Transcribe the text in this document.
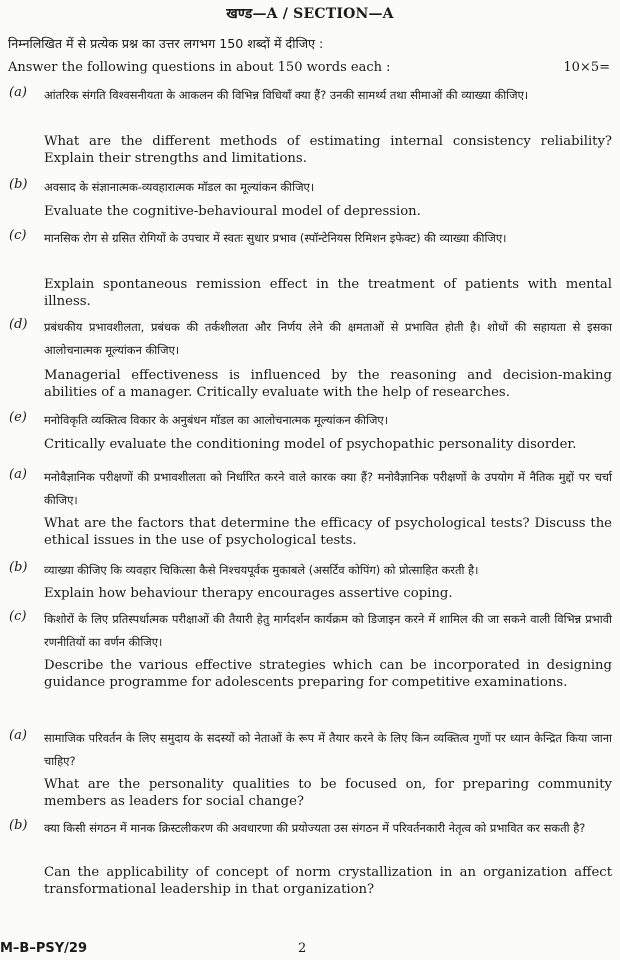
खण्ड—A / SECTION—A
निम्नलिखित में से प्रत्येक प्रश्न का उत्तर लगभग 150 शब्दों में दीजिए :
Answer the following questions in about 150 words each :	10×5=
(a) आंतरिक संगति विश्वसनीयता के आकलन की विभिन्न विधियाँ क्या हैं? उनकी सामर्थ्य तथा सीमाओं की व्याख्या कीजिए।
What are the different methods of estimating internal consistency reliability? Explain their strengths and limitations.
(b) अवसाद के संज्ञानात्मक-व्यवहारात्मक मॉडल का मूल्यांकन कीजिए।
Evaluate the cognitive-behavioural model of depression.
(c) मानसिक रोग से ग्रसित रोगियों के उपचार में स्वतः सुधार प्रभाव (स्पॉन्टेनियस रिमिशन इफेक्ट) की व्याख्या कीजिए।
Explain spontaneous remission effect in the treatment of patients with mental illness.
(d) प्रबंधकीय प्रभावशीलता, प्रबंधक की तर्कशीलता और निर्णय लेने की क्षमताओं से प्रभावित होती है। शोधों की सहायता से इसका आलोचनात्मक मूल्यांकन कीजिए।
Managerial effectiveness is influenced by the reasoning and decision-making abilities of a manager. Critically evaluate with the help of researches.
(e) मनोविकृति व्यक्तित्व विकार के अनुबंधन मॉडल का आलोचनात्मक मूल्यांकन कीजिए।
Critically evaluate the conditioning model of psychopathic personality disorder.
(a) मनोवैज्ञानिक परीक्षणों की प्रभावशीलता को निर्धारित करने वाले कारक क्या हैं? मनोवैज्ञानिक परीक्षणों के उपयोग में नैतिक मुद्दों पर चर्चा कीजिए।
What are the factors that determine the efficacy of psychological tests? Discuss the ethical issues in the use of psychological tests.
(b) व्याख्या कीजिए कि व्यवहार चिकित्सा कैसे निश्चयपूर्वक मुकाबले (असर्टिव कोपिंग) को प्रोत्साहित करती है।
Explain how behaviour therapy encourages assertive coping.
(c) किशोरों के लिए प्रतिस्पर्धात्मक परीक्षाओं की तैयारी हेतु मार्गदर्शन कार्यक्रम को डिजाइन करने में शामिल की जा सकने वाली विभिन्न प्रभावी रणनीतियों का वर्णन कीजिए।
Describe the various effective strategies which can be incorporated in designing guidance programme for adolescents preparing for competitive examinations.
(a) सामाजिक परिवर्तन के लिए समुदाय के सदस्यों को नेताओं के रूप में तैयार करने के लिए किन व्यक्तित्व गुणों पर ध्यान केन्द्रित किया जाना चाहिए?
What are the personality qualities to be focused on, for preparing community members as leaders for social change?
(b) क्या किसी संगठन में मानक क्रिस्टलीकरण की अवधारणा की प्रयोज्यता उस संगठन में परिवर्तनकारी नेतृत्व को प्रभावित कर सकती है?
Can the applicability of concept of norm crystallization in an organization affect transformational leadership in that organization?
M–B–PSY/29	2
